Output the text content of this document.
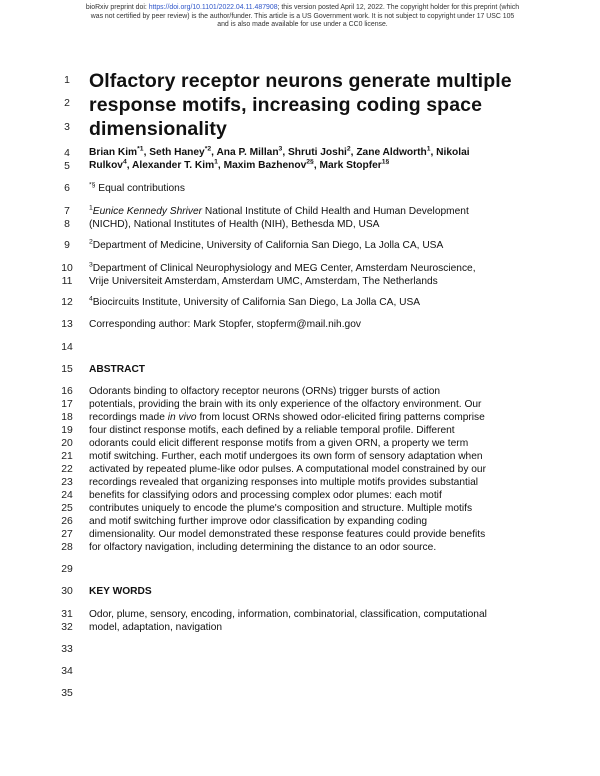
bioRxiv preprint doi: https://doi.org/10.1101/2022.04.11.487908; this version posted April 12, 2022. The copyright holder for this preprint (which
was not certified by peer review) is the author/funder. This article is a US Government work. It is not subject to copyright under 17 USC 105
and is also made available for use under a CC0 license.
1
2
3
4
5
6
7
8
9
10
11
12
13
14
15
16
17
18
19
20
21
22
23
24
25
26
27
28
29
30
31
32
33
34
35
Olfactory receptor neurons generate multiple
response motifs, increasing coding space
dimensionality
Brian Kim$^{*1}$, Seth Haney$^{*2}$, Ana P. Millan$^3$, Shruti Joshi$^2$, Zane Aldworth$^1$, Nikolai
Rulkov$^4$, Alexander T. Kim$^1$, Maxim Bazhenov$^{2\S}$, Mark Stopfer$^{1\S}$
*§ Equal contributions
$^1$Eunice Kennedy Shriver National Institute of Child Health and Human Development
(NICHD), National Institutes of Health (NIH), Bethesda MD, USA
$^2$Department of Medicine, University of California San Diego, La Jolla CA, USA
$^3$Department of Clinical Neurophysiology and MEG Center, Amsterdam Neuroscience,
Vrije Universiteit Amsterdam, Amsterdam UMC, Amsterdam, The Netherlands
$^4$Biocircuits Institute, University of California San Diego, La Jolla CA, USA
Corresponding author: Mark Stopfer, stopferm@mail.nih.gov
ABSTRACT
Odorants binding to olfactory receptor neurons (ORNs) trigger bursts of action
potentials, providing the brain with its only experience of the olfactory environment. Our
recordings made in vivo from locust ORNs showed odor-elicited firing patterns comprise
four distinct response motifs, each defined by a reliable temporal profile. Different
odorants could elicit different response motifs from a given ORN, a property we term
motif switching. Further, each motif undergoes its own form of sensory adaptation when
activated by repeated plume-like odor pulses. A computational model constrained by our
recordings revealed that organizing responses into multiple motifs provides substantial
benefits for classifying odors and processing complex odor plumes: each motif
contributes uniquely to encode the plume's composition and structure. Multiple motifs
and motif switching further improve odor classification by expanding coding
dimensionality. Our model demonstrated these response features could provide benefits
for olfactory navigation, including determining the distance to an odor source.
KEY WORDS
Odor, plume, sensory, encoding, information, combinatorial, classification, computational
model, adaptation, navigation
